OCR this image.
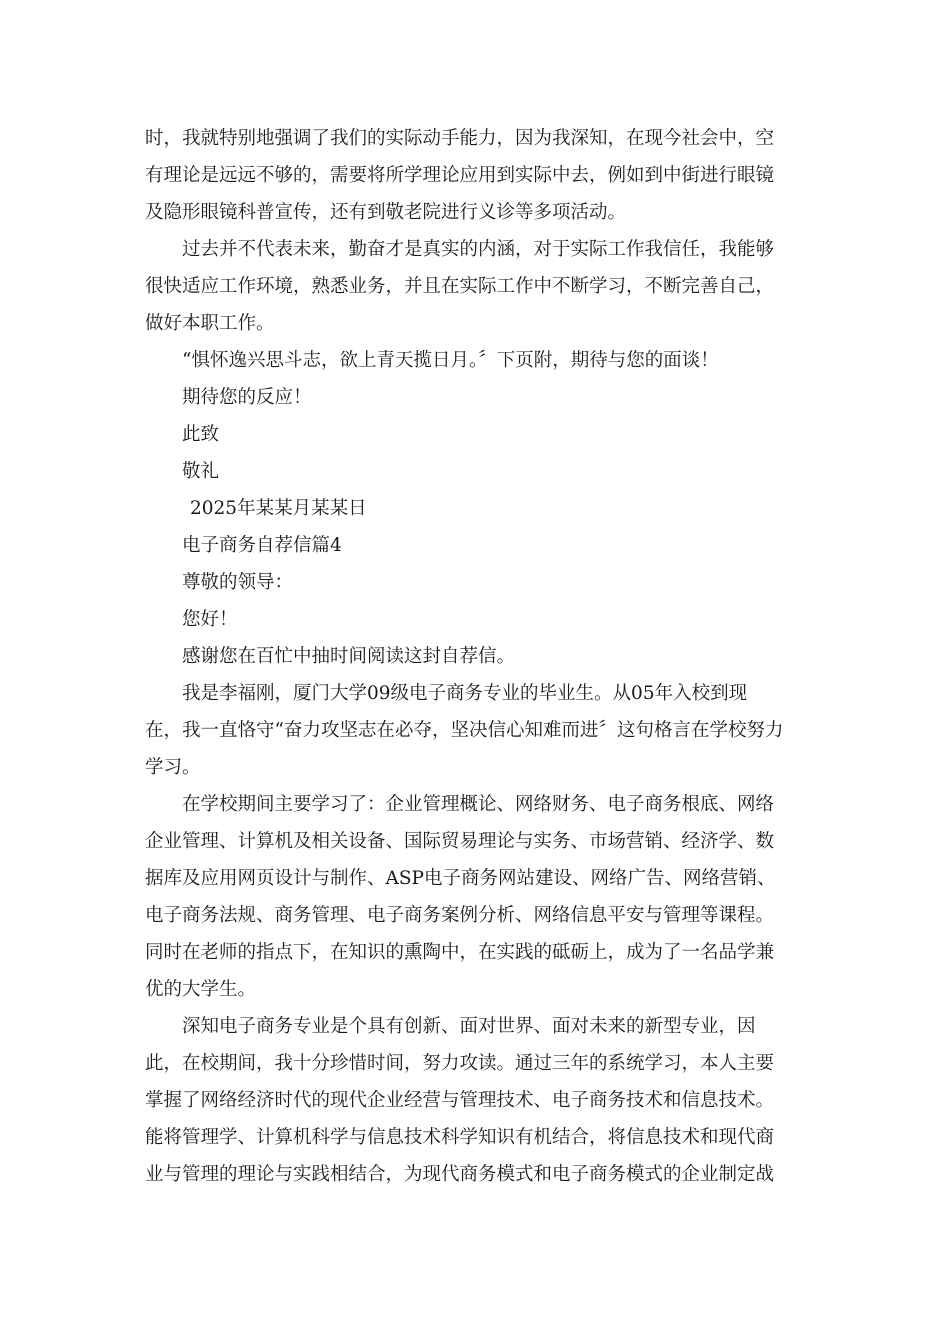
时，我就特别地强调了我们的实际动手能力，因为我深知，在现今社会中，空
有理论是远远不够的，需要将所学理论应用到实际中去，例如到中街进行眼镜
及隐形眼镜科普宣传，还有到敬老院进行义诊等多项活动。
过去并不代表未来，勤奋才是真实的内涵，对于实际工作我信任，我能够
很快适应工作环境，熟悉业务，并且在实际工作中不断学习，不断完善自己，
做好本职工作。
“惧怀逸兴思斗志，欲上青天揽日月。〞下页附，期待与您的面谈！
期待您的反应！
此致
敬礼
2025年某某月某某日
电子商务自荐信篇4
尊敬的领导：
您好！
感谢您在百忙中抽时间阅读这封自荐信。
我是李福刚，厦门大学09级电子商务专业的毕业生。从05年入校到现
在，我一直恪守“奋力攻坚志在必夺，坚决信心知难而进〞这句格言在学校努力
学习。
在学校期间主要学习了：企业管理概论、网络财务、电子商务根底、网络
企业管理、计算机及相关设备、国际贸易理论与实务、市场营销、经济学、数
据库及应用网页设计与制作、ASP电子商务网站建设、网络广告、网络营销、
电子商务法规、商务管理、电子商务案例分析、网络信息平安与管理等课程。
同时在老师的指点下，在知识的熏陶中，在实践的砥砺上，成为了一名品学兼
优的大学生。
深知电子商务专业是个具有创新、面对世界、面对未来的新型专业，因
此，在校期间，我十分珍惜时间，努力攻读。通过三年的系统学习，本人主要
掌握了网络经济时代的现代企业经营与管理技术、电子商务技术和信息技术。
能将管理学、计算机科学与信息技术科学知识有机结合，将信息技术和现代商
业与管理的理论与实践相结合，为现代商务模式和电子商务模式的企业制定战
